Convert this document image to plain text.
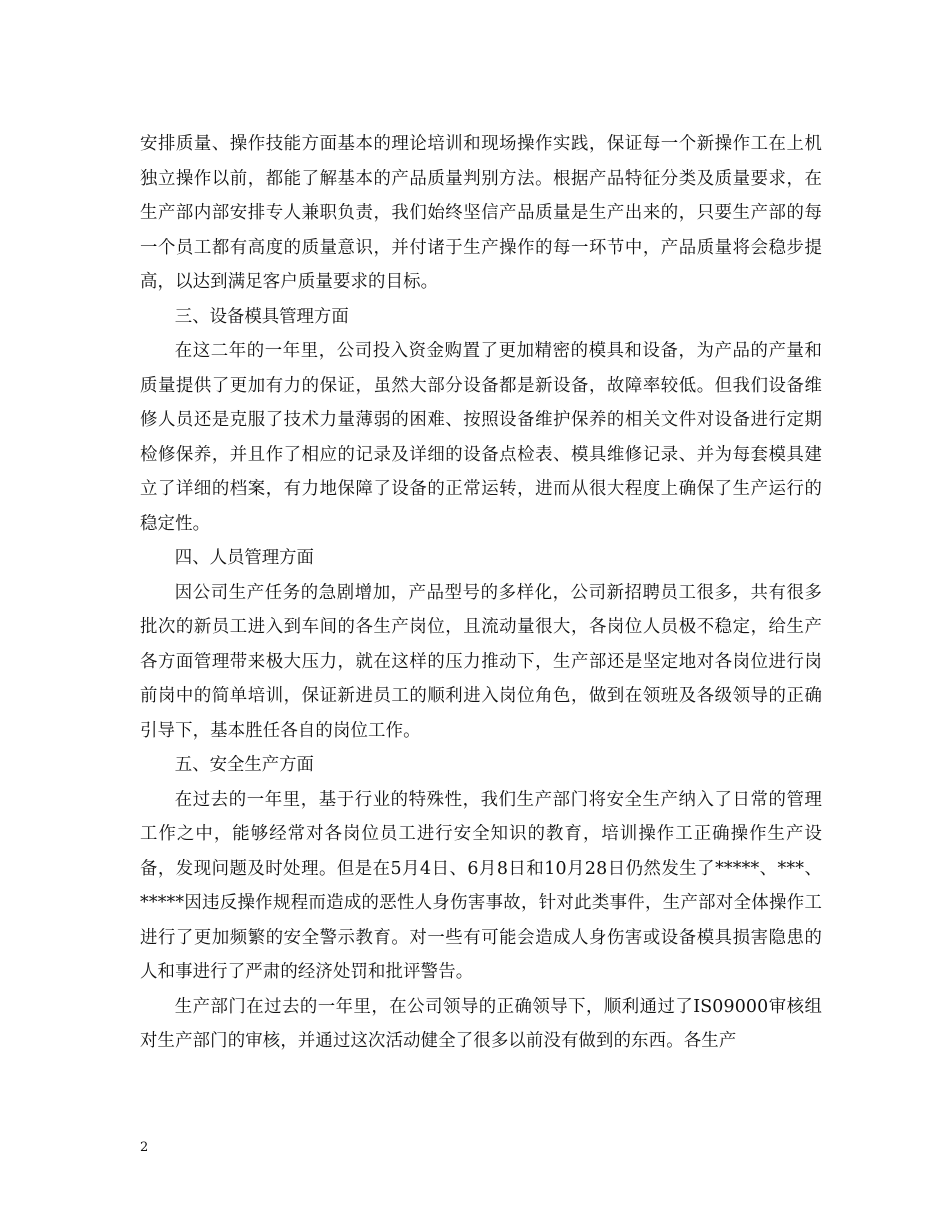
安排质量、操作技能方面基本的理论培训和现场操作实践，保证每一个新操作工在上机独立操作以前，都能了解基本的产品质量判别方法。根据产品特征分类及质量要求，在生产部内部安排专人兼职负责，我们始终坚信产品质量是生产出来的，只要生产部的每一个员工都有高度的质量意识，并付诸于生产操作的每一环节中，产品质量将会稳步提高，以达到满足客户质量要求的目标。

三、设备模具管理方面

在这二年的一年里，公司投入资金购置了更加精密的模具和设备，为产品的产量和质量提供了更加有力的保证，虽然大部分设备都是新设备，故障率较低。但我们设备维修人员还是克服了技术力量薄弱的困难、按照设备维护保养的相关文件对设备进行定期检修保养，并且作了相应的记录及详细的设备点检表、模具维修记录、并为每套模具建立了详细的档案，有力地保障了设备的正常运转，进而从很大程度上确保了生产运行的稳定性。

四、人员管理方面

因公司生产任务的急剧增加，产品型号的多样化，公司新招聘员工很多，共有很多批次的新员工进入到车间的各生产岗位，且流动量很大，各岗位人员极不稳定，给生产各方面管理带来极大压力，就在这样的压力推动下，生产部还是坚定地对各岗位进行岗前岗中的简单培训，保证新进员工的顺利进入岗位角色，做到在领班及各级领导的正确引导下，基本胜任各自的岗位工作。

五、安全生产方面

在过去的一年里，基于行业的特殊性，我们生产部门将安全生产纳入了日常的管理工作之中，能够经常对各岗位员工进行安全知识的教育，培训操作工正确操作生产设备，发现问题及时处理。但是在5月4日、6月8日和10月28日仍然发生了*****、***、*****因违反操作规程而造成的恶性人身伤害事故，针对此类事件，生产部对全体操作工进行了更加频繁的安全警示教育。对一些有可能会造成人身伤害或设备模具损害隐患的人和事进行了严肃的经济处罚和批评警告。

生产部门在过去的一年里，在公司领导的正确领导下，顺利通过了IS09000审核组对生产部门的审核，并通过这次活动健全了很多以前没有做到的东西。各生产

2
